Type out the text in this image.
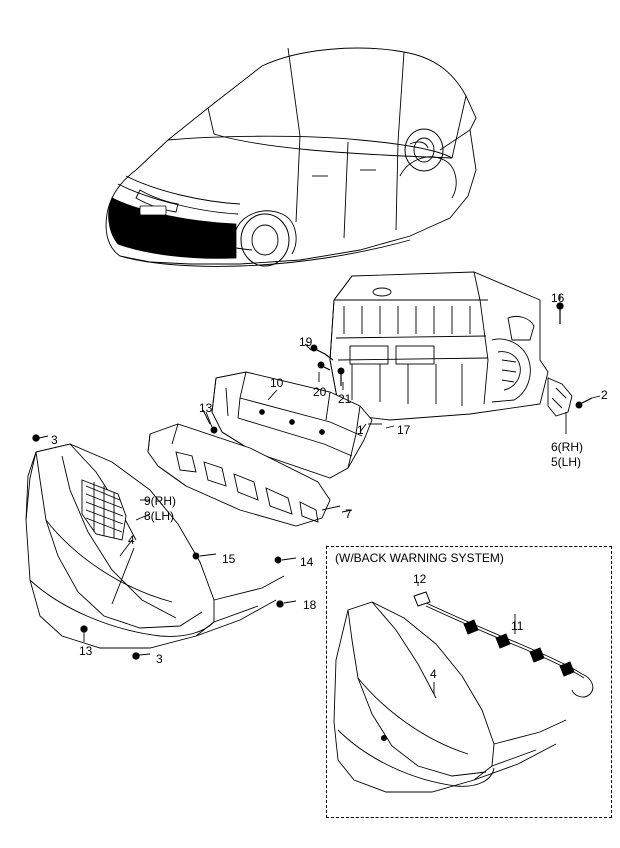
(W/BACK WARNING SYSTEM)
16
19
2
10
20 21
13
1	17
6(RH)
5(LH)
3
9(RH)
8(LH)	7
4
15	14
18
13
3
12
11
4
